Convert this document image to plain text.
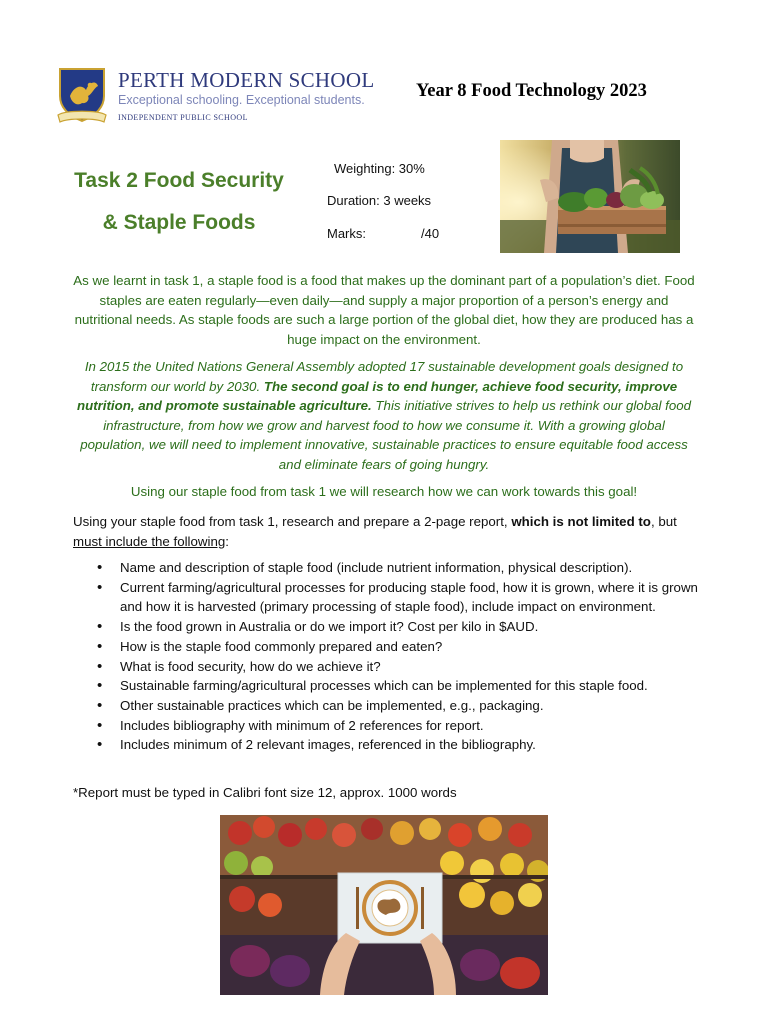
PERTH MODERN SCHOOL
Exceptional schooling. Exceptional students.
INDEPENDENT PUBLIC SCHOOL
Year 8 Food Technology 2023
Task 2 Food Security
& Staple Foods
Weighting: 30%
Duration: 3 weeks
Marks:	/40
As we learnt in task 1, a staple food is a food that makes up the dominant part of a population’s diet. Food staples are eaten regularly—even daily—and supply a major proportion of a person’s energy and nutritional needs. As staple foods are such a large portion of the global diet, how they are produced has a huge impact on the environment.
In 2015 the United Nations General Assembly adopted 17 sustainable development goals designed to transform our world by 2030. The second goal is to end hunger, achieve food security, improve nutrition, and promote sustainable agriculture. This initiative strives to help us rethink our global food infrastructure, from how we grow and harvest food to how we consume it. With a growing global population, we will need to implement innovative, sustainable practices to ensure equitable food access and eliminate fears of going hungry.
Using our staple food from task 1 we will research how we can work towards this goal!
Using your staple food from task 1, research and prepare a 2-page report, which is not limited to, but must include the following:
• Name and description of staple food (include nutrient information, physical description).
• Current farming/agricultural processes for producing staple food, how it is grown, where it is grown and how it is harvested (primary processing of staple food), include impact on environment.
• Is the food grown in Australia or do we import it? Cost per kilo in $AUD.
• How is the staple food commonly prepared and eaten?
• What is food security, how do we achieve it?
• Sustainable farming/agricultural processes which can be implemented for this staple food.
• Other sustainable practices which can be implemented, e.g., packaging.
• Includes bibliography with minimum of 2 references for report.
• Includes minimum of 2 relevant images, referenced in the bibliography.
*Report must be typed in Calibri font size 12, approx. 1000 words
